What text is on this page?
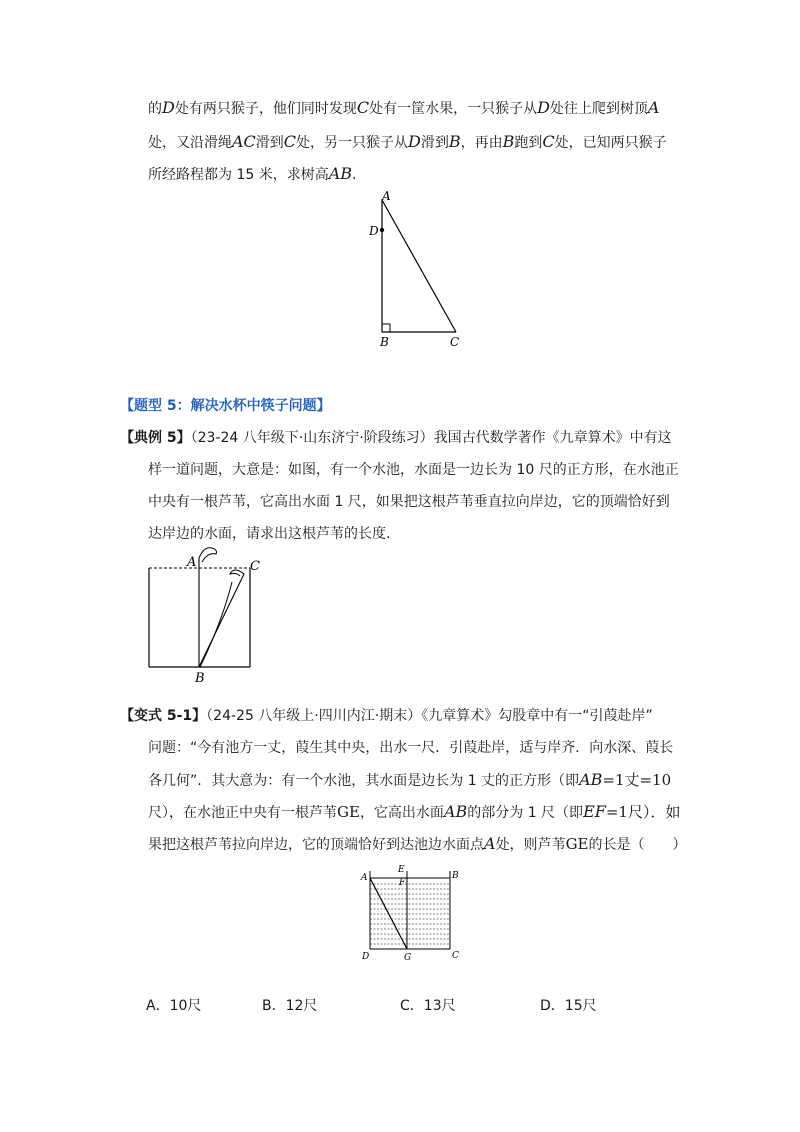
的D处有两只猴子，他们同时发现C处有一筐水果，一只猴子从D处往上爬到树顶A
处，又沿滑绳AC滑到C处，另一只猴子从D滑到B，再由B跑到C处，已知两只猴子
所经路程都为 15 米，求树高AB.
A
D
B	C
【题型 5：解决水杯中筷子问题】
【典例 5】（23-24 八年级下·山东济宁·阶段练习）我国古代数学著作《九章算术》中有这
样一道问题，大意是：如图，有一个水池，水面是一边长为 10 尺的正方形，在水池正
中央有一根芦苇，它高出水面 1 尺，如果把这根芦苇垂直拉向岸边，它的顶端恰好到
达岸边的水面，请求出这根芦苇的长度.
A	C
B
【变式 5-1】（24-25 八年级上·四川内江·期末）《九章算术》勾股章中有一“引葭赴岸”
问题：“今有池方一丈，葭生其中央，出水一尺．引葭赴岸，适与岸齐．向水深、葭长
各几何”．其大意为：有一个水池，其水面是边长为 1 丈的正方形（即AB=1丈=10
尺），在水池正中央有一根芦苇GE，它高出水面AB的部分为 1 尺（即EF=1尺）．如
果把这根芦苇拉向岸边，它的顶端恰好到达池边水面点A处，则芦苇GE的长是（　　）
E
F
A	B
D	G	C
A．10尺	B．12尺	C．13尺	D．15尺
